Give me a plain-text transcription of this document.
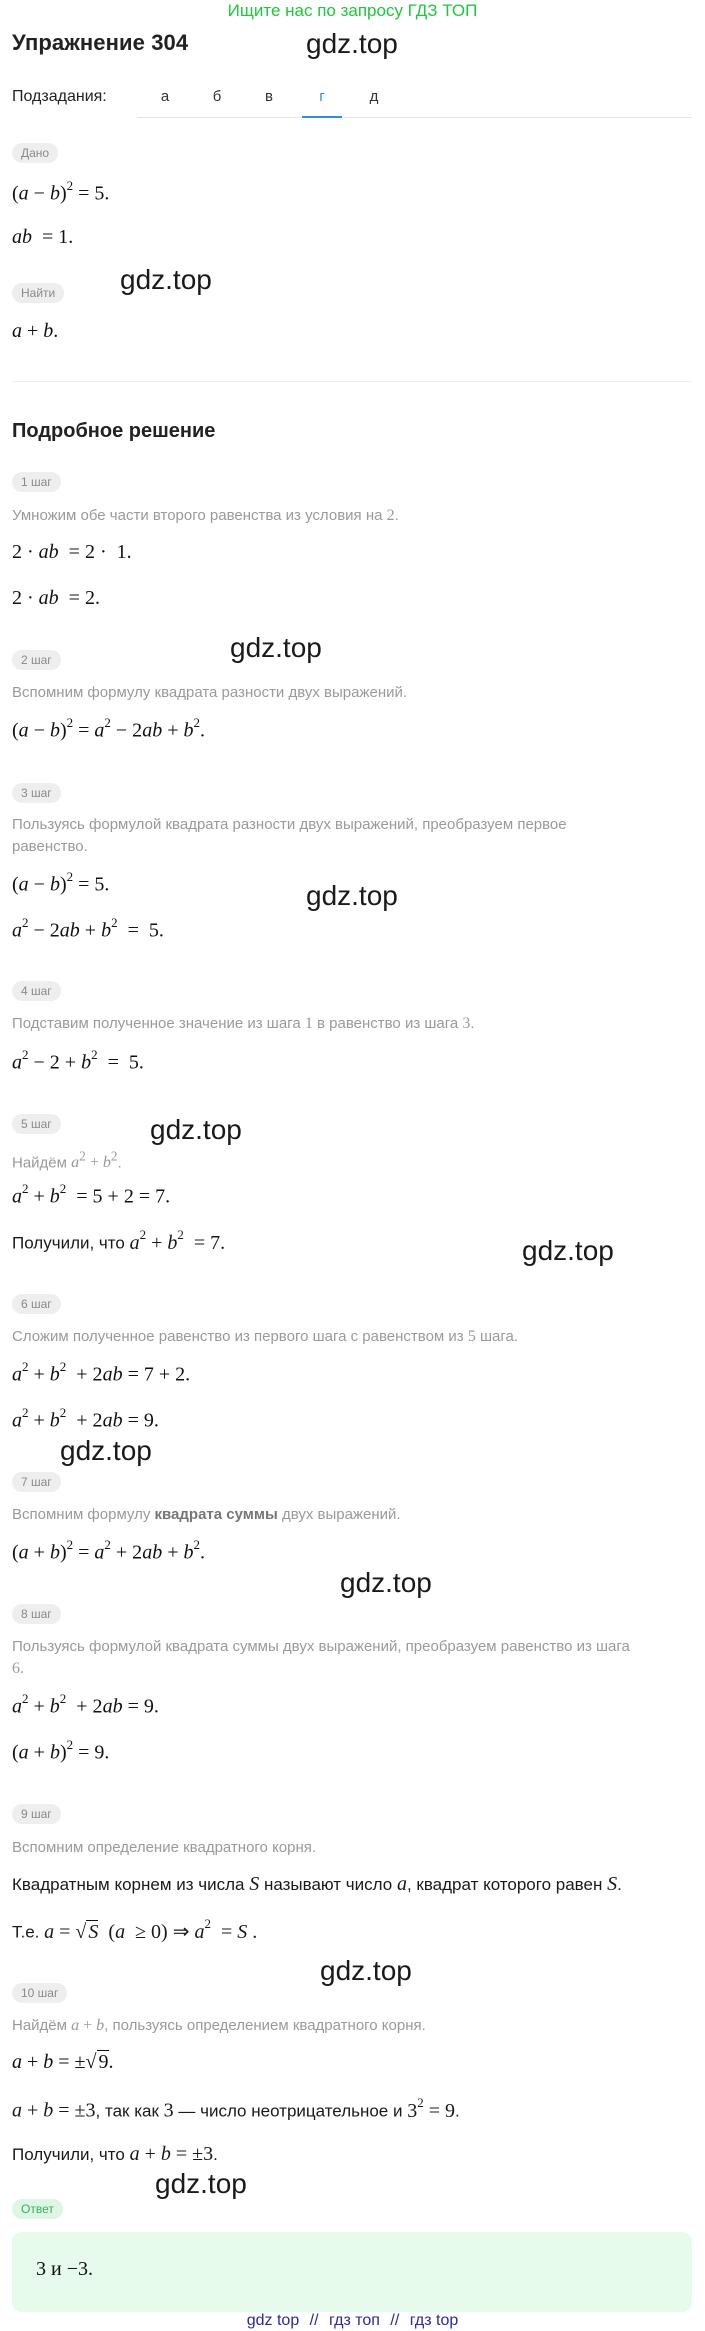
Ищите нас по запросу ГДЗ ТОП
Упражнение 304
Подзадания:	а	б	в	г	д
Дано
$(a - b)^2 = 5$.
ab  = 1.
Найти
a + b.
Подробное решение
1 шаг
Умножим обе части второго равенства из условия на 2.
2 · ab  = 2 ·  1.
2 · ab  = 2.
2 шаг
Вспомним формулу квадрата разности двух выражений.
$(a - b)^2 = a^2 - 2ab + b^2$.
3 шаг
Пользуясь формулой квадрата разности двух выражений, преобразуем первое
равенство.
$(a - b)^2 = 5$.
$a^2 - 2ab + b^2 = 5$.
4 шаг
Подставим полученное значение из шага 1 в равенство из шага 3.
$a^2 - 2 + b^2 = 5$.
5 шаг
Найдём $a^2 + b^2$.
$a^2 + b^2 = 5 + 2 = 7$.
Получили, что $a^2 + b^2 = 7$.
6 шаг
Сложим полученное равенство из первого шага с равенством из 5 шага.
$a^2 + b^2 + 2ab = 7 + 2$.
$a^2 + b^2 + 2ab = 9$.
7 шаг
Вспомним формулу квадрата суммы двух выражений.
$(a + b)^2 = a^2 + 2ab + b^2$.
8 шаг
Пользуясь формулой квадрата суммы двух выражений, преобразуем равенство из шага
6.
$a^2 + b^2 + 2ab = 9$.
$(a + b)^2 = 9$.
9 шаг
Вспомним определение квадратного корня.
Квадратным корнем из числа S называют число a, квадрат которого равен S.
Т.е. a = √ S  (a  ≥ 0) ⇒ $a^2 = S$ .
10 шаг
Найдём a + b, пользуясь определением квадратного корня.
a + b = ±√ 9.
a + b = ±3, так как 3 — число неотрицательное и $3^2 = 9$.
Получили, что a + b = ±3.
Ответ
3 и −3.
gdz.top
gdz.top
gdz.top
gdz.top
gdz.top
gdz.top
gdz.top
gdz.top
gdz.top
gdz.top
gdz top // гдз топ // гдз top
